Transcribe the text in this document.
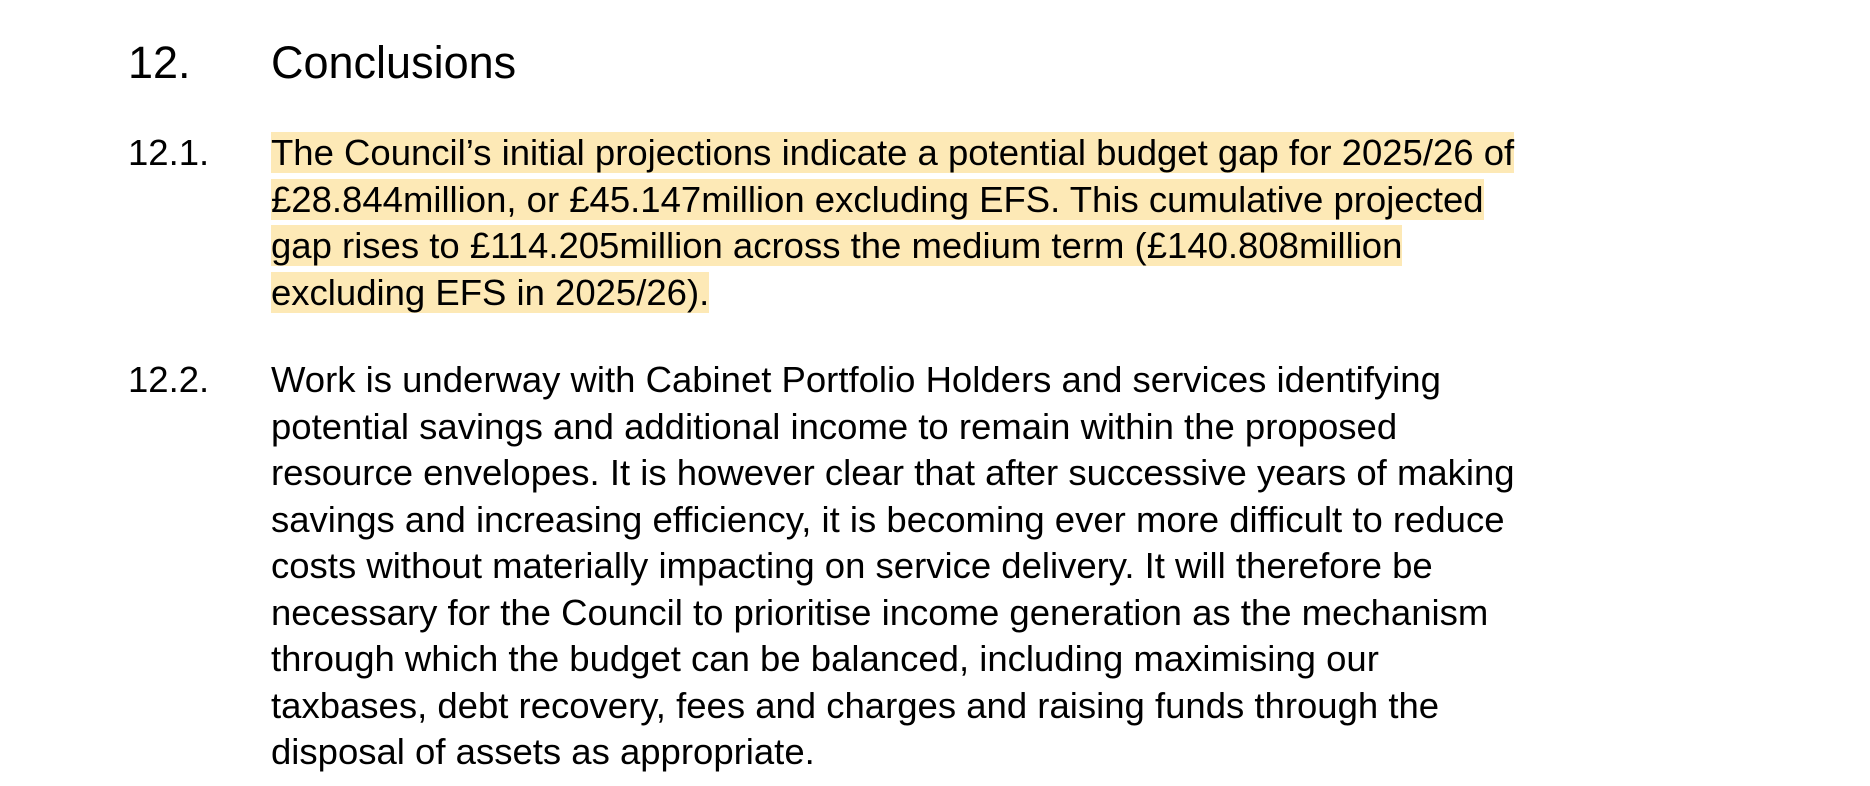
12. Conclusions
12.1. The Council’s initial projections indicate a potential budget gap for 2025/26 of
£28.844million, or £45.147million excluding EFS. This cumulative projected
gap rises to £114.205million across the medium term (£140.808million
excluding EFS in 2025/26).
12.2. Work is underway with Cabinet Portfolio Holders and services identifying
potential savings and additional income to remain within the proposed
resource envelopes. It is however clear that after successive years of making
savings and increasing efficiency, it is becoming ever more difficult to reduce
costs without materially impacting on service delivery. It will therefore be
necessary for the Council to prioritise income generation as the mechanism
through which the budget can be balanced, including maximising our
taxbases, debt recovery, fees and charges and raising funds through the
disposal of assets as appropriate.
